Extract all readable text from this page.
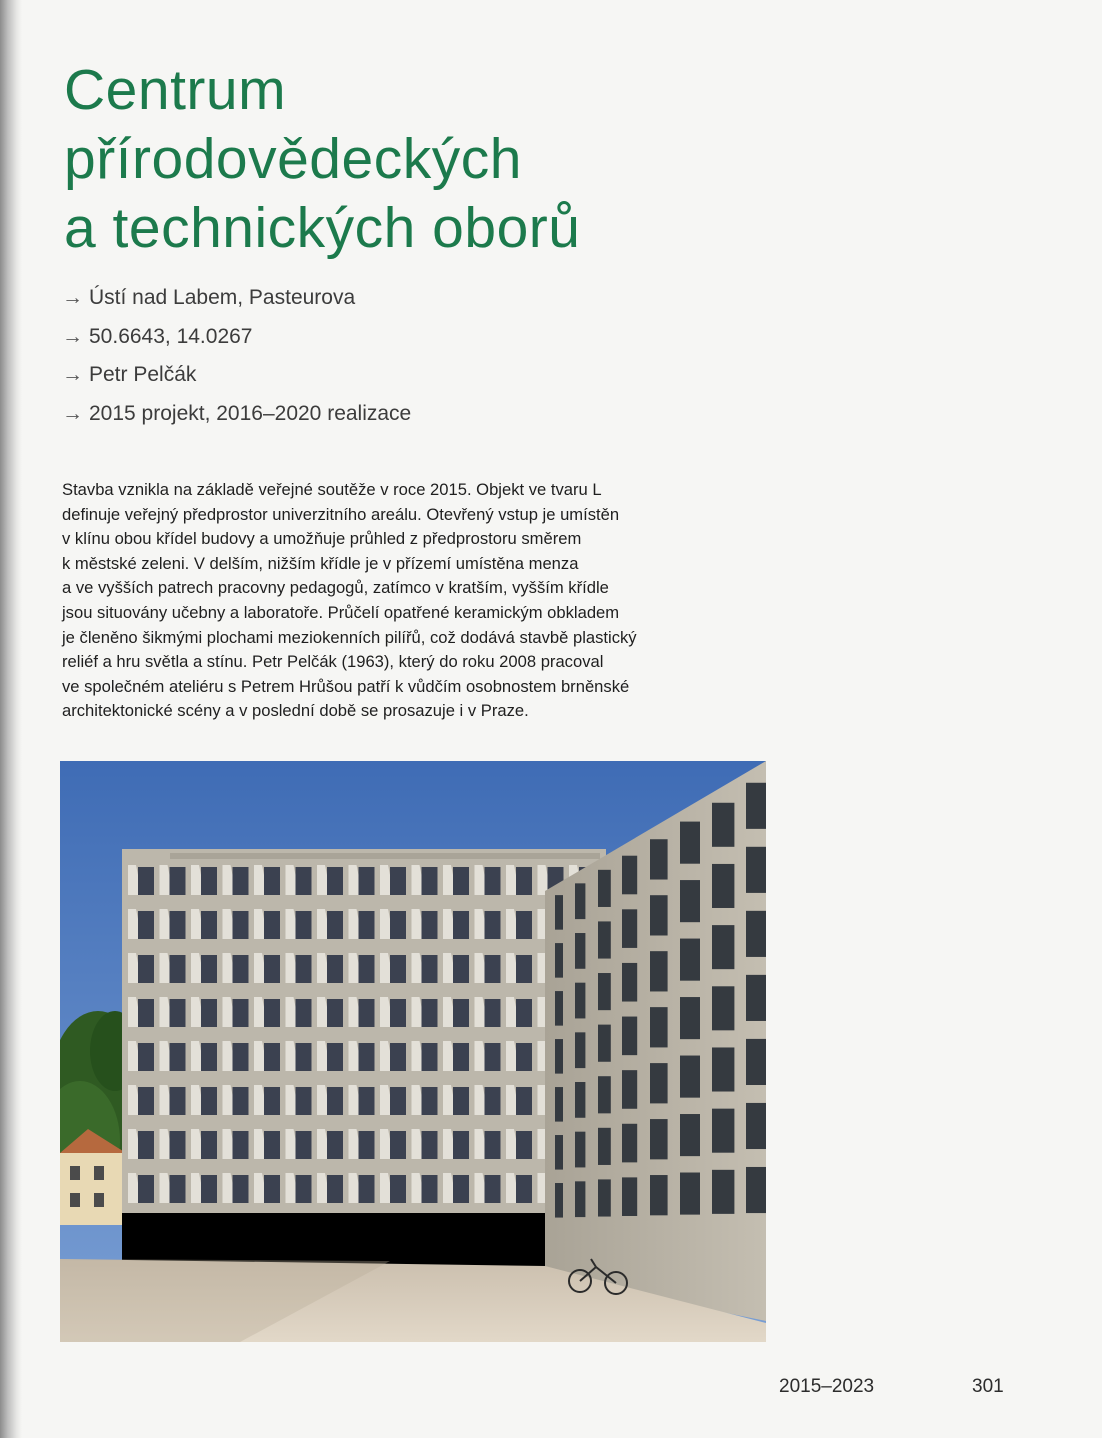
Centrum
přírodovědeckých
a technických oborů
→ Ústí nad Labem, Pasteurova
→ 50.6643, 14.0267
→ Petr Pelčák
→ 2015 projekt, 2016–2020 realizace
Stavba vznikla na základě veřejné soutěže v roce 2015. Objekt ve tvaru L
definuje veřejný předprostor univerzitního areálu. Otevřený vstup je umístěn
v klínu obou křídel budovy a umožňuje průhled z předprostoru směrem
k městské zeleni. V delším, nižším křídle je v přízemí umístěna menza
a ve vyšších patrech pracovny pedagogů, zatímco v kratším, vyšším křídle
jsou situovány učebny a laboratoře. Průčelí opatřené keramickým obkladem
je členěno šikmými plochami meziokenních pilířů, což dodává stavbě plastický
reliéf a hru světla a stínu. Petr Pelčák (1963), který do roku 2008 pracoval
ve společném ateliéru s Petrem Hrůšou patří k vůdčím osobnostem brněnské
architektonické scény a v poslední době se prosazuje i v Praze.
2015–2023	301
